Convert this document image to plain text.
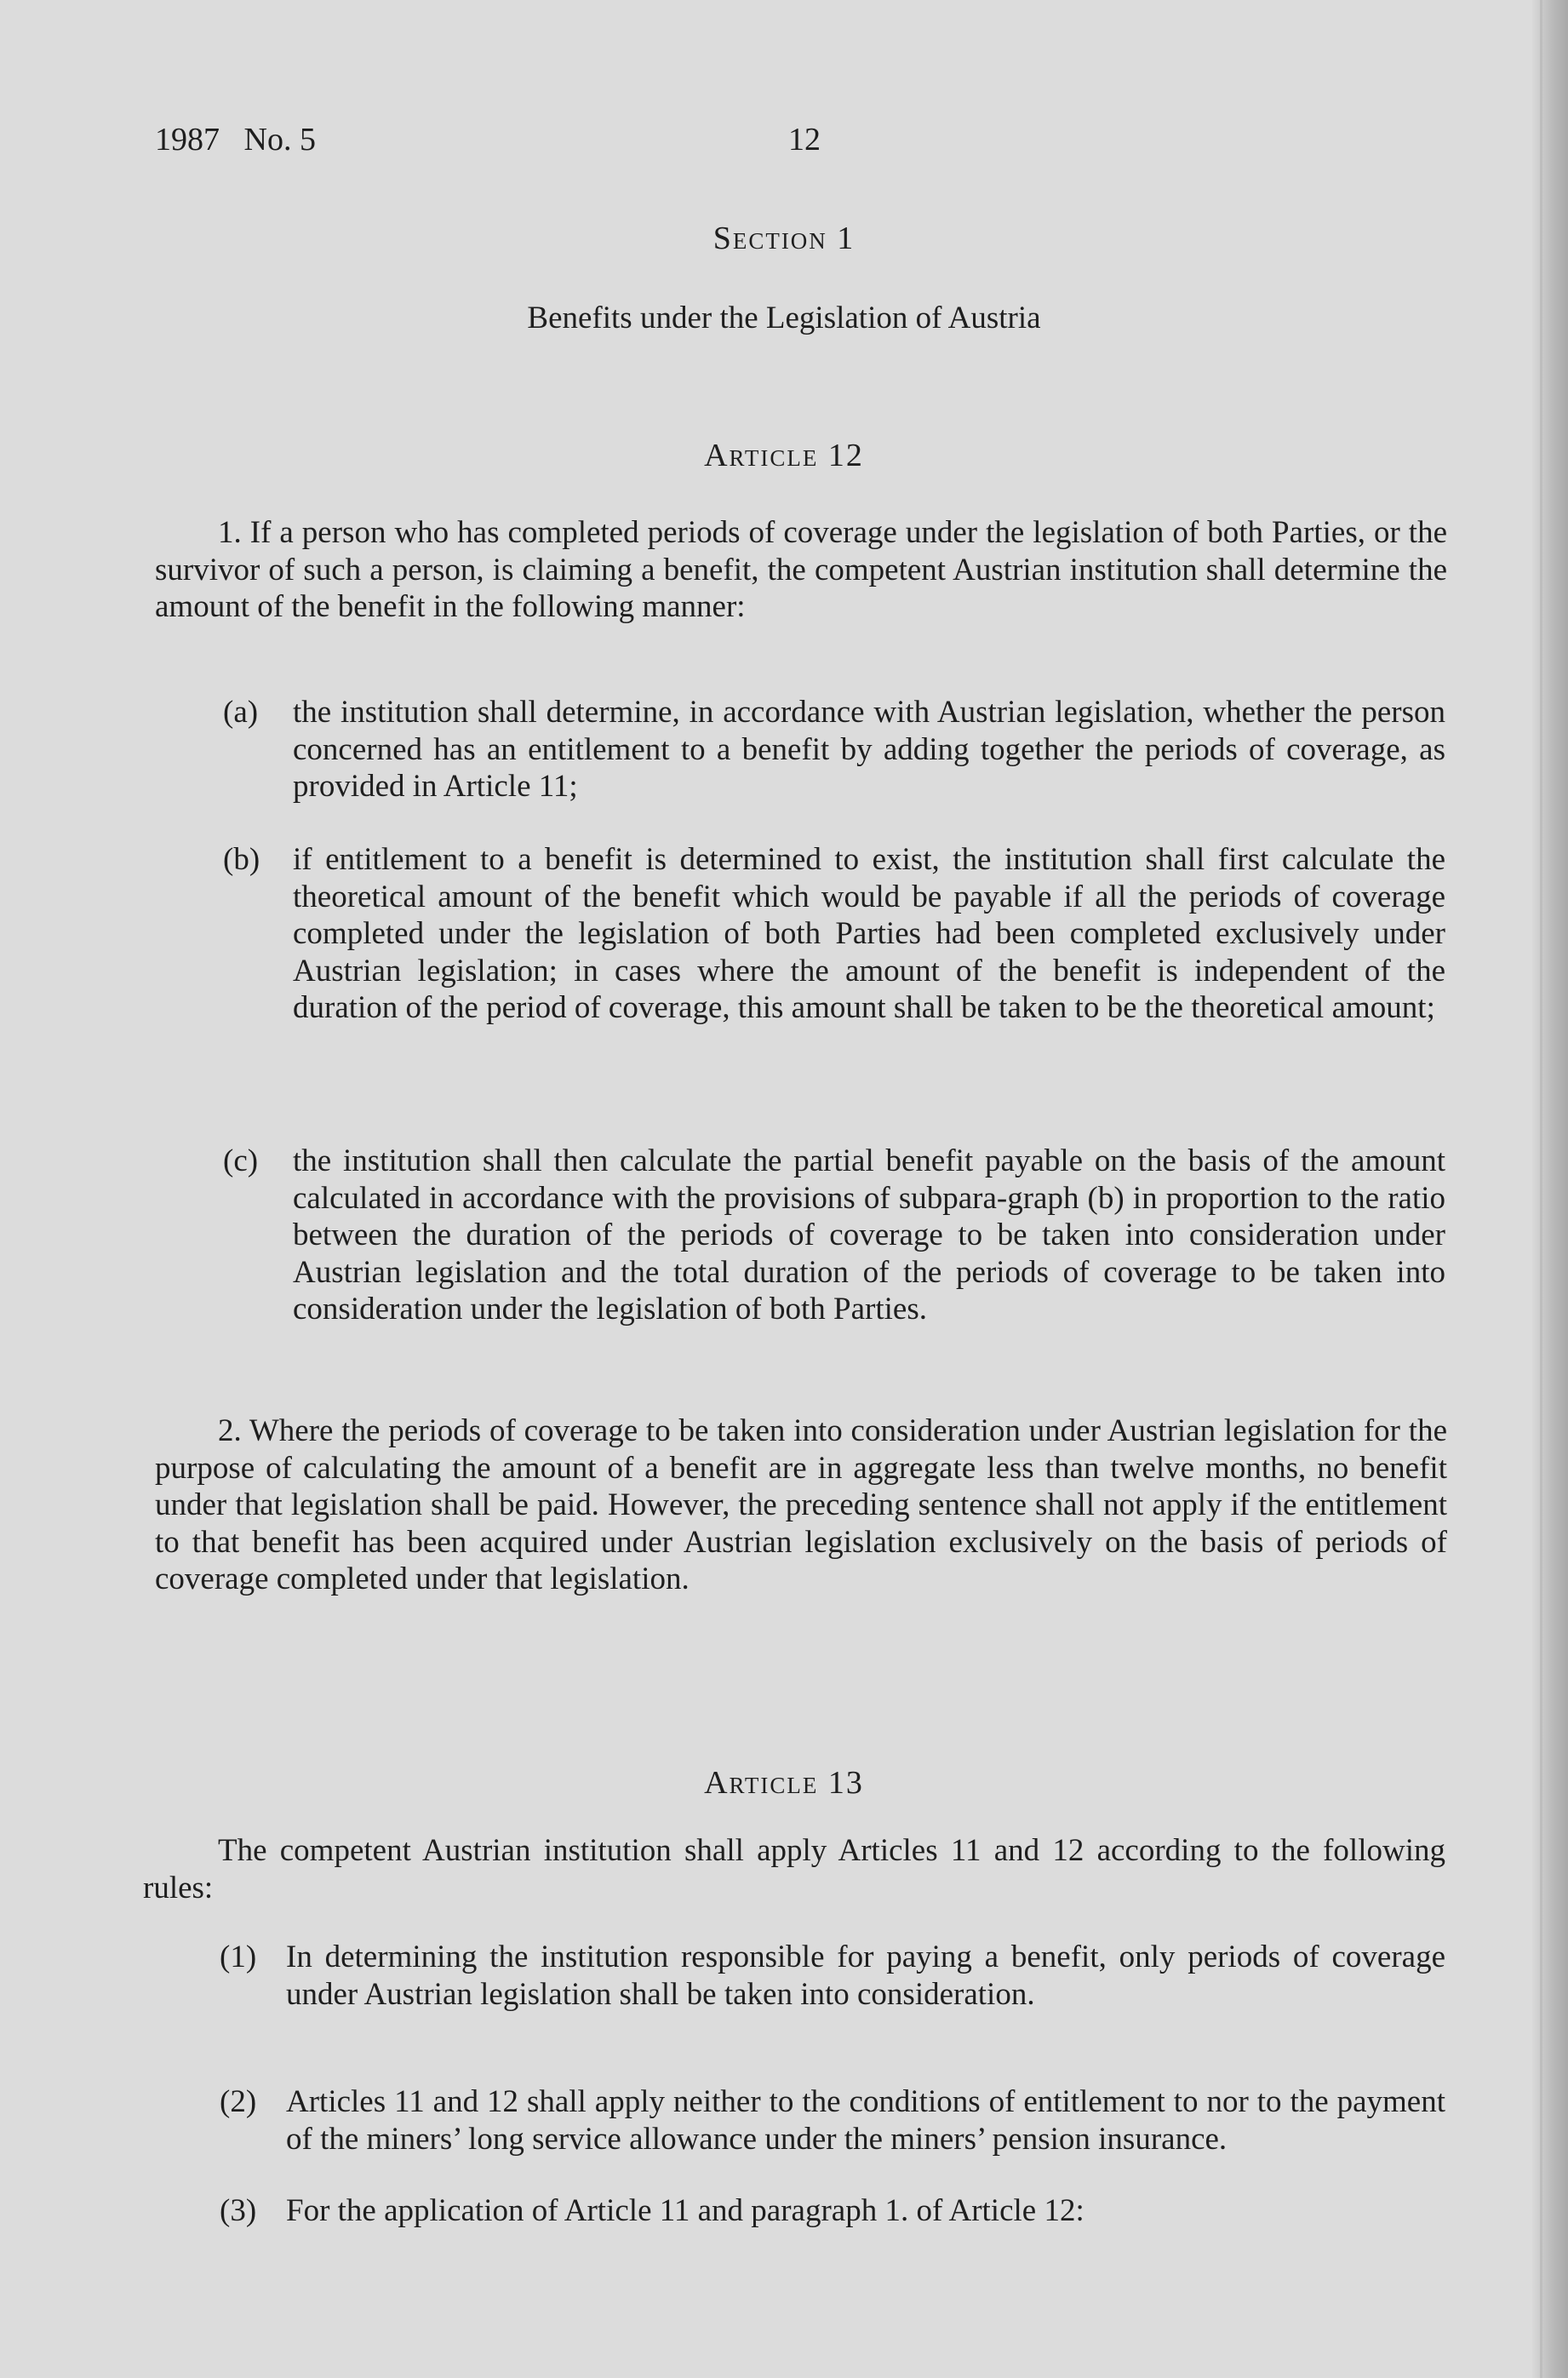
1987   No. 5	12
Section 1
Benefits under the Legislation of Austria
Article 12

1. If a person who has completed periods of coverage under the legislation of both Parties, or the survivor of such a person, is claiming a benefit, the competent Austrian institution shall determine the amount of the benefit in the following manner:

(a) the institution shall determine, in accordance with Austrian legislation, whether the person concerned has an entitlement to a benefit by adding together the periods of coverage, as provided in Article 11;

(b) if entitlement to a benefit is determined to exist, the institution shall first calculate the theoretical amount of the benefit which would be payable if all the periods of coverage completed under the legislation of both Parties had been completed exclusively under Austrian legislation; in cases where the amount of the benefit is independent of the duration of the period of coverage, this amount shall be taken to be the theoretical amount;

(c) the institution shall then calculate the partial benefit payable on the basis of the amount calculated in accordance with the provisions of subpara-graph (b) in proportion to the ratio between the duration of the periods of coverage to be taken into consideration under Austrian legislation and the total duration of the periods of coverage to be taken into consideration under the legislation of both Parties.

2. Where the periods of coverage to be taken into consideration under Austrian legislation for the purpose of calculating the amount of a benefit are in aggregate less than twelve months, no benefit under that legislation shall be paid. However, the preceding sentence shall not apply if the entitlement to that benefit has been acquired under Austrian legislation exclusively on the basis of periods of coverage completed under that legislation.

Article 13

The competent Austrian institution shall apply Articles 11 and 12 according to the following rules:

(1) In determining the institution responsible for paying a benefit, only periods of coverage under Austrian legislation shall be taken into consideration.

(2) Articles 11 and 12 shall apply neither to the conditions of entitlement to nor to the payment of the miners’ long service allowance under the miners’ pension insurance.

(3) For the application of Article 11 and paragraph 1. of Article 12:
